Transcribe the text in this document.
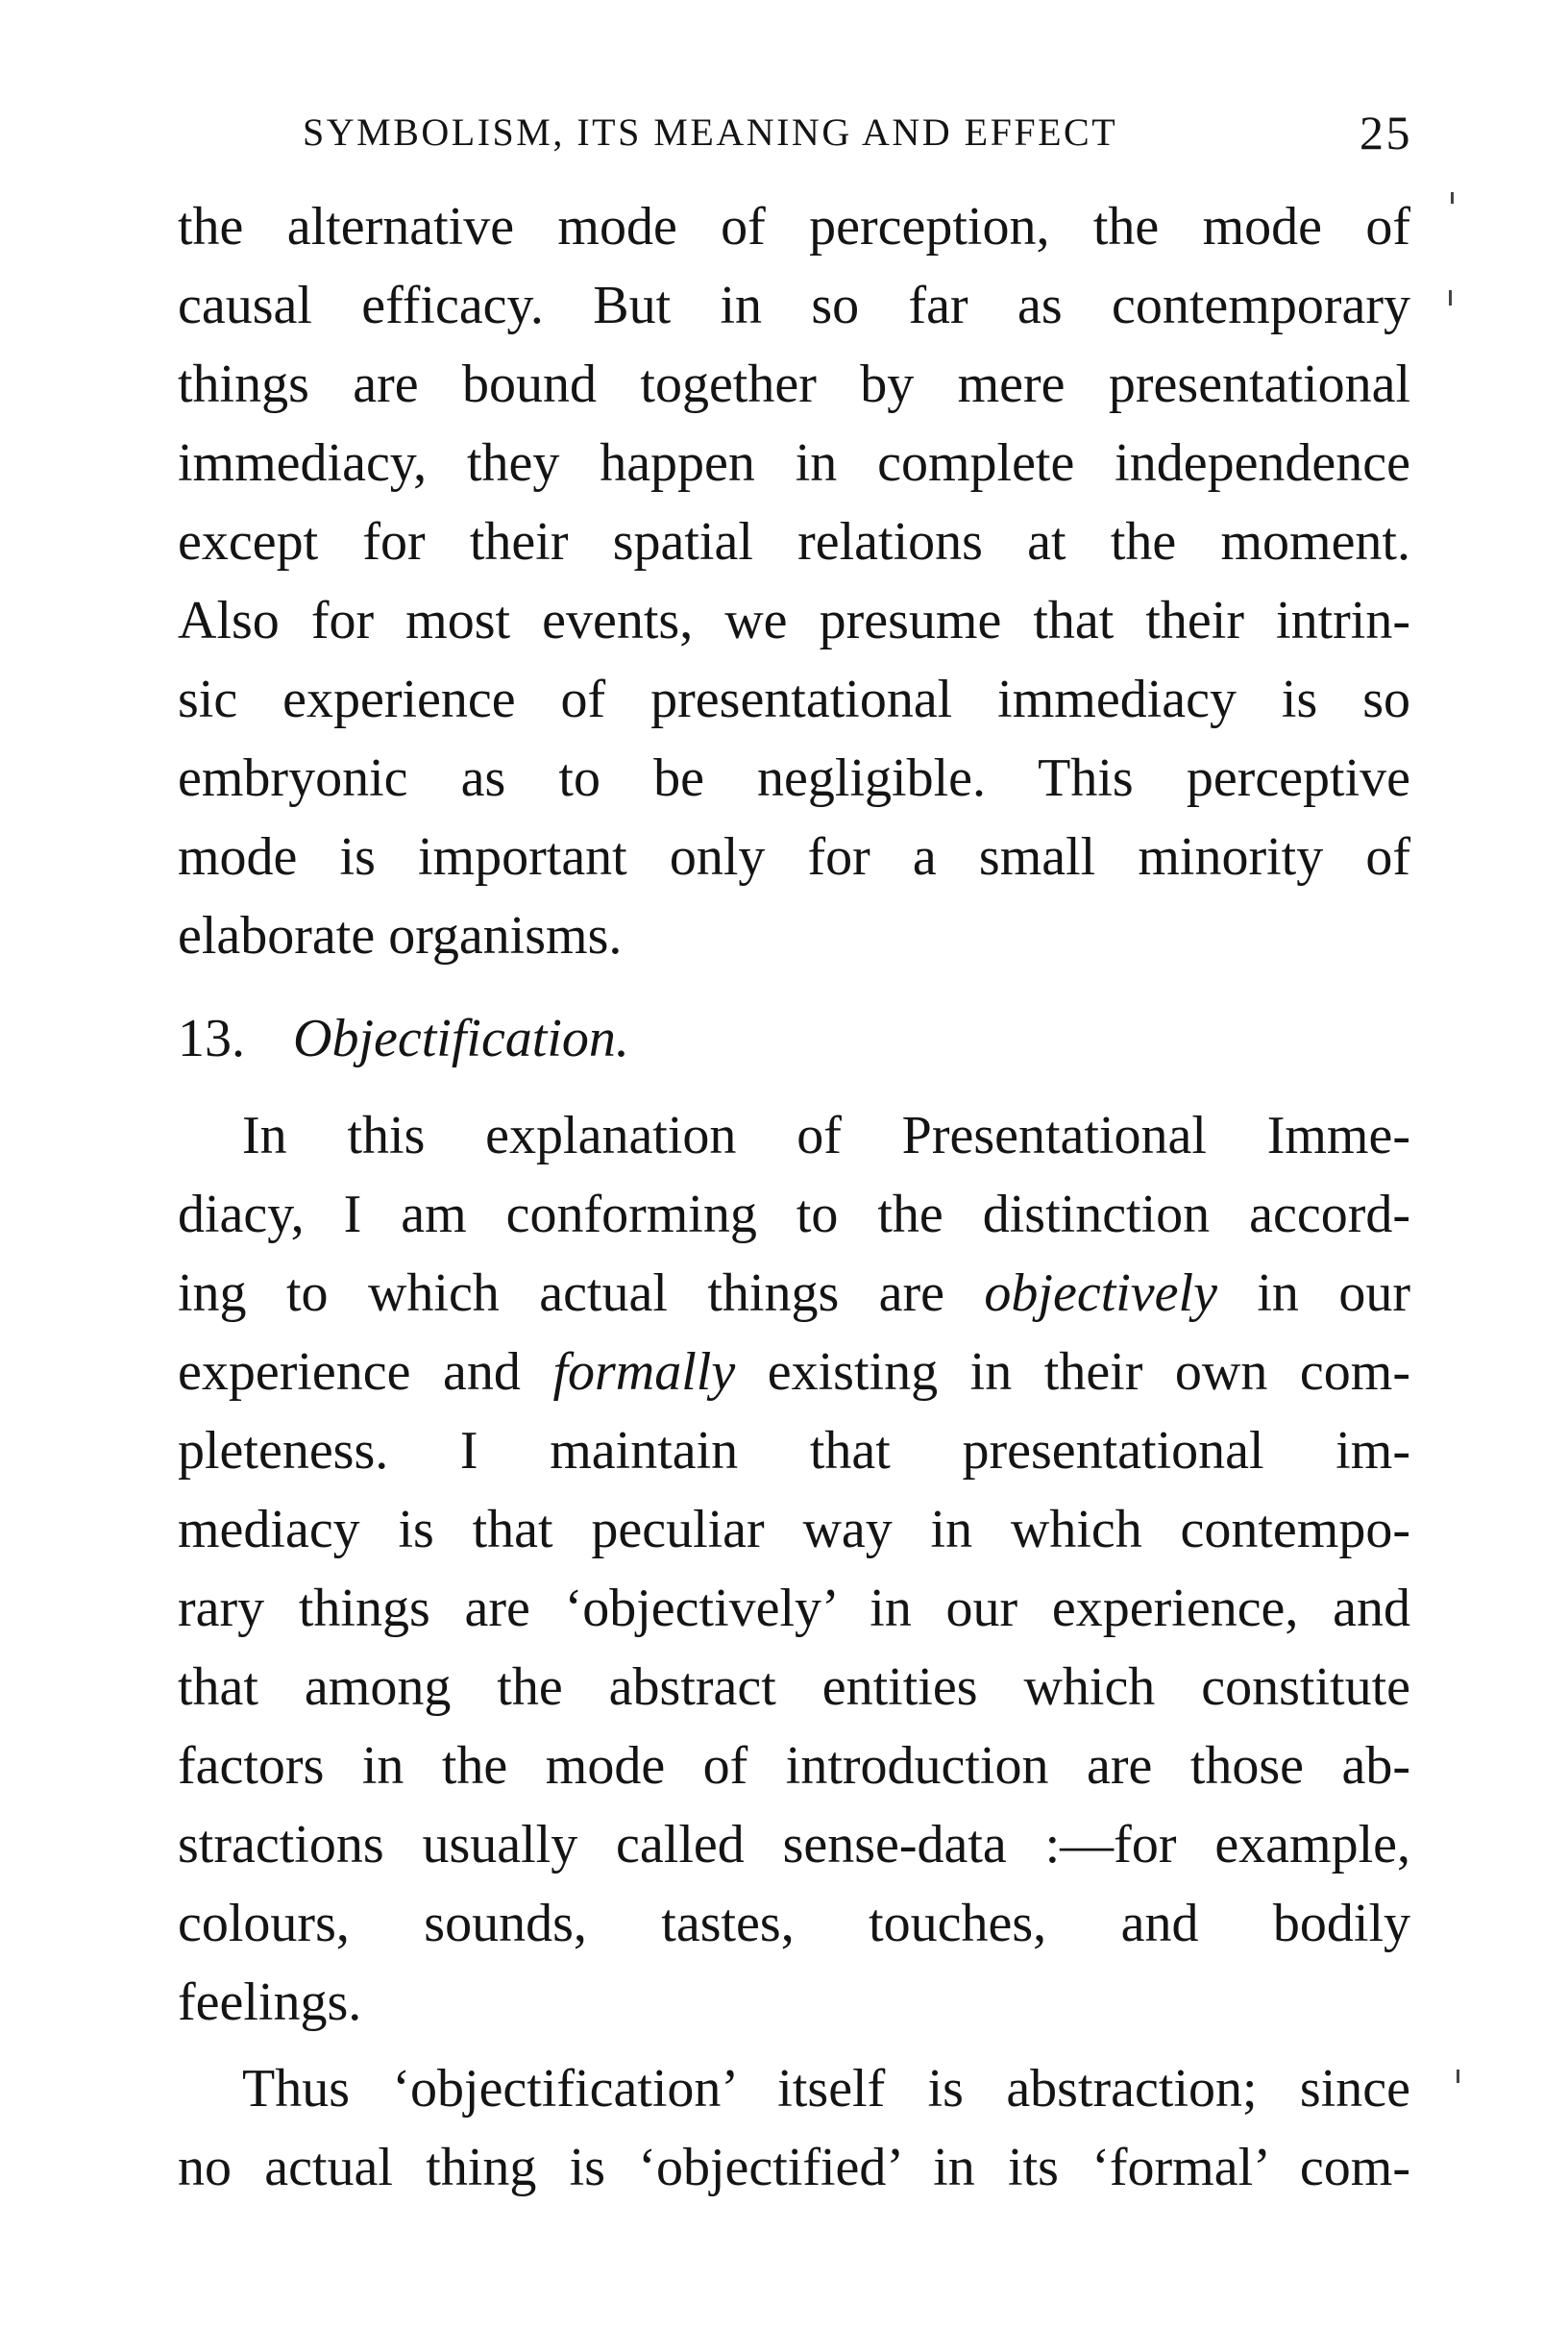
SYMBOLISM, ITS MEANING AND EFFECT	25
the alternative mode of perception, the mode of
causal efficacy. But in so far as contemporary
things are bound together by mere presentational
immediacy, they happen in complete independence
except for their spatial relations at the moment.
Also for most events, we presume that their intrin-
sic experience of presentational immediacy is so
embryonic as to be negligible. This perceptive
mode is important only for a small minority of
elaborate organisms.
13. Objectification.
In this explanation of Presentational Imme-
diacy, I am conforming to the distinction accord-
ing to which actual things are objectively in our
experience and formally existing in their own com-
pleteness. I maintain that presentational im-
mediacy is that peculiar way in which contempo-
rary things are ‘objectively’ in our experience, and
that among the abstract entities which constitute
factors in the mode of introduction are those ab-
stractions usually called sense-data :—for example,
colours, sounds, tastes, touches, and bodily
feelings.
Thus ‘objectification’ itself is abstraction; since
no actual thing is ‘objectified’ in its ‘formal’ com-
